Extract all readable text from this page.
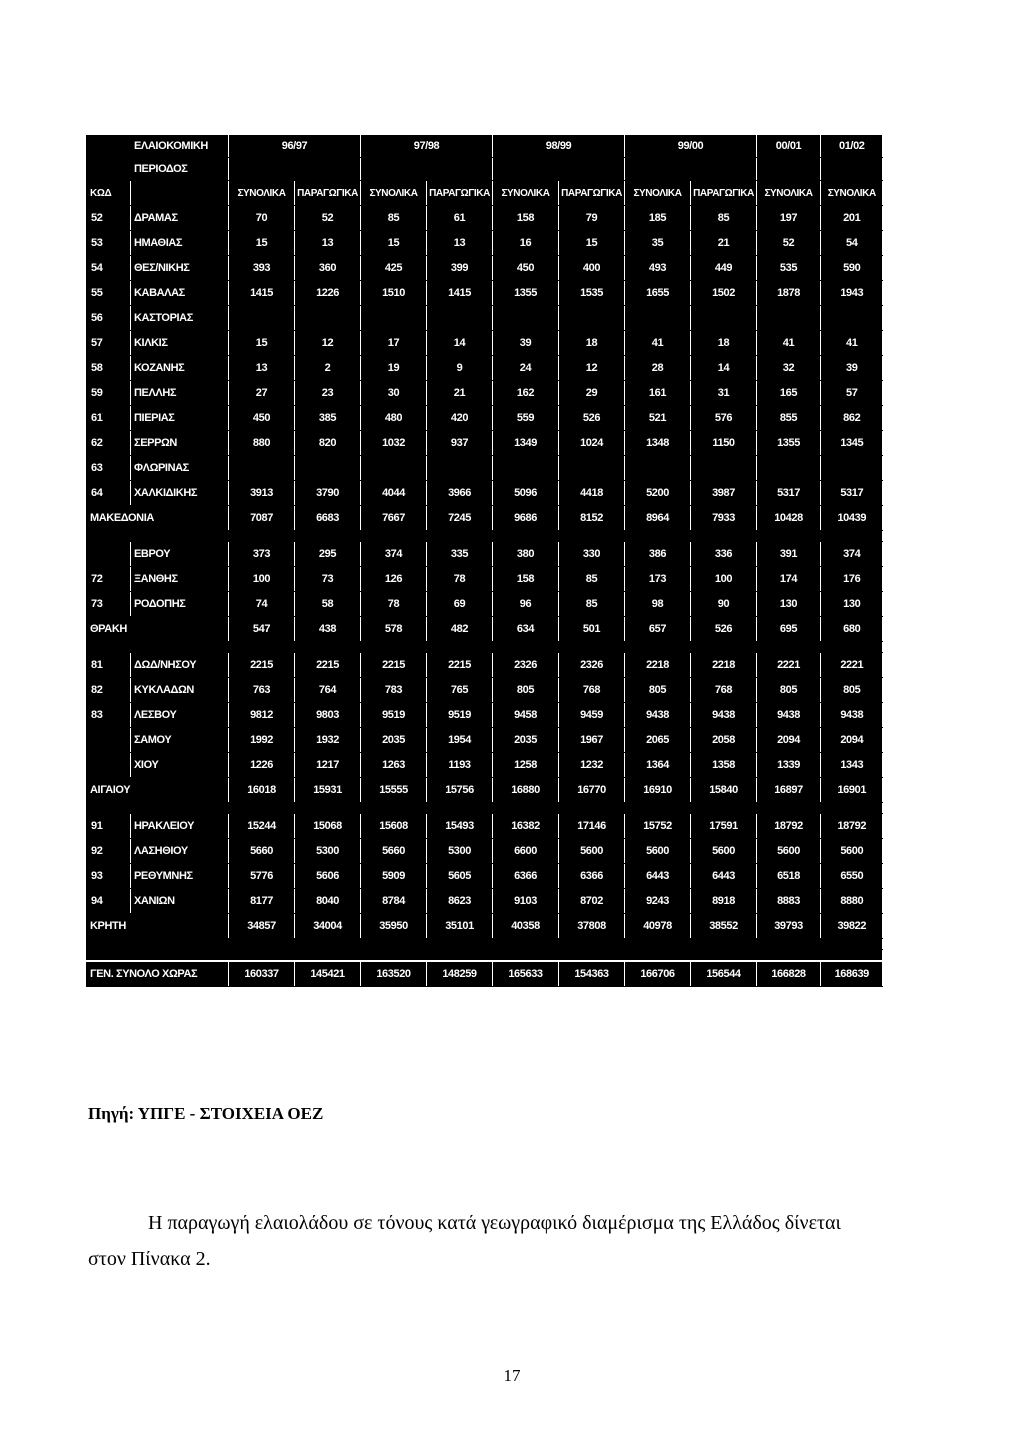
	ΕΛΑΙΟΚΟΜΙΚΗ	96/97		97/98		98/99		99/00		00/01	01/02
	ΠΕΡΙΟΔΟΣ										
ΚΩΔ		ΣΥΝΟΛΙΚΑ	ΠΑΡΑΓΩΓΙΚΑ	ΣΥΝΟΛΙΚΑ	ΠΑΡΑΓΩΓΙΚΑ	ΣΥΝΟΛΙΚΑ	ΠΑΡΑΓΩΓΙΚΑ	ΣΥΝΟΛΙΚΑ	ΠΑΡΑΓΩΓΙΚΑ	ΣΥΝΟΛΙΚΑ	ΣΥΝΟΛΙΚΑ
52	ΔΡΑΜΑΣ	70	52	85	61	158	79	185	85	197	201
53	ΗΜΑΘΙΑΣ	15	13	15	13	16	15	35	21	52	54
54	ΘΕΣ/ΝΙΚΗΣ	393	360	425	399	450	400	493	449	535	590
55	ΚΑΒΑΛΑΣ	1415	1226	1510	1415	1355	1535	1655	1502	1878	1943
56	ΚΑΣΤΟΡΙΑΣ										
57	ΚΙΛΚΙΣ	15	12	17	14	39	18	41	18	41	41
58	ΚΟΖΑΝΗΣ	13	2	19	9	24	12	28	14	32	39
59	ΠΕΛΛΗΣ	27	23	30	21	162	29	161	31	165	57
61	ΠΙΕΡΙΑΣ	450	385	480	420	559	526	521	576	855	862
62	ΣΕΡΡΩΝ	880	820	1032	937	1349	1024	1348	1150	1355	1345
63	ΦΛΩΡΙΝΑΣ										
64	ΧΑΛΚΙΔΙΚΗΣ	3913	3790	4044	3966	5096	4418	5200	3987	5317	5317
ΜΑΚΕΔΟΝΙΑ		7087	6683	7667	7245	9686	8152	8964	7933	10428	10439

	ΕΒΡΟΥ	373	295	374	335	380	330	386	336	391	374
72	ΞΑΝΘΗΣ	100	73	126	78	158	85	173	100	174	176
73	ΡΟΔΟΠΗΣ	74	58	78	69	96	85	98	90	130	130
ΘΡΑΚΗ		547	438	578	482	634	501	657	526	695	680

81	ΔΩΔ/ΝΗΣΟΥ	2215	2215	2215	2215	2326	2326	2218	2218	2221	2221
82	ΚΥΚΛΑΔΩΝ	763	764	783	765	805	768	805	768	805	805
83	ΛΕΣΒΟΥ	9812	9803	9519	9519	9458	9459	9438	9438	9438	9438
	ΣΑΜΟΥ	1992	1932	2035	1954	2035	1967	2065	2058	2094	2094
	ΧΙΟΥ	1226	1217	1263	1193	1258	1232	1364	1358	1339	1343
ΑΙΓΑΙΟΥ		16018	15931	15555	15756	16880	16770	16910	15840	16897	16901

91	ΗΡΑΚΛΕΙΟΥ	15244	15068	15608	15493	16382	17146	15752	17591	18792	18792
92	ΛΑΣΗΘΙΟΥ	5660	5300	5660	5300	6600	5600	5600	5600	5600	5600
93	ΡΕΘΥΜΝΗΣ	5776	5606	5909	5605	6366	6366	6443	6443	6518	6550
94	ΧΑΝΙΩΝ	8177	8040	8784	8623	9103	8702	9243	8918	8883	8880
ΚΡΗΤΗ		34857	34004	35950	35101	40358	37808	40978	38552	39793	39822

ΓΕΝ. ΣΥΝΟΛΟ ΧΩΡΑΣ		160337	145421	163520	148259	165633	154363	166706	156544	166828	168639
Πηγή: ΥΠΓΕ - ΣΤΟΙΧΕΙΑ ΟΕΖ
Η παραγωγή ελαιολάδου σε τόνους κατά γεωγραφικό διαμέρισμα της Ελλάδος δίνεται
στον Πίνακα 2.
17
